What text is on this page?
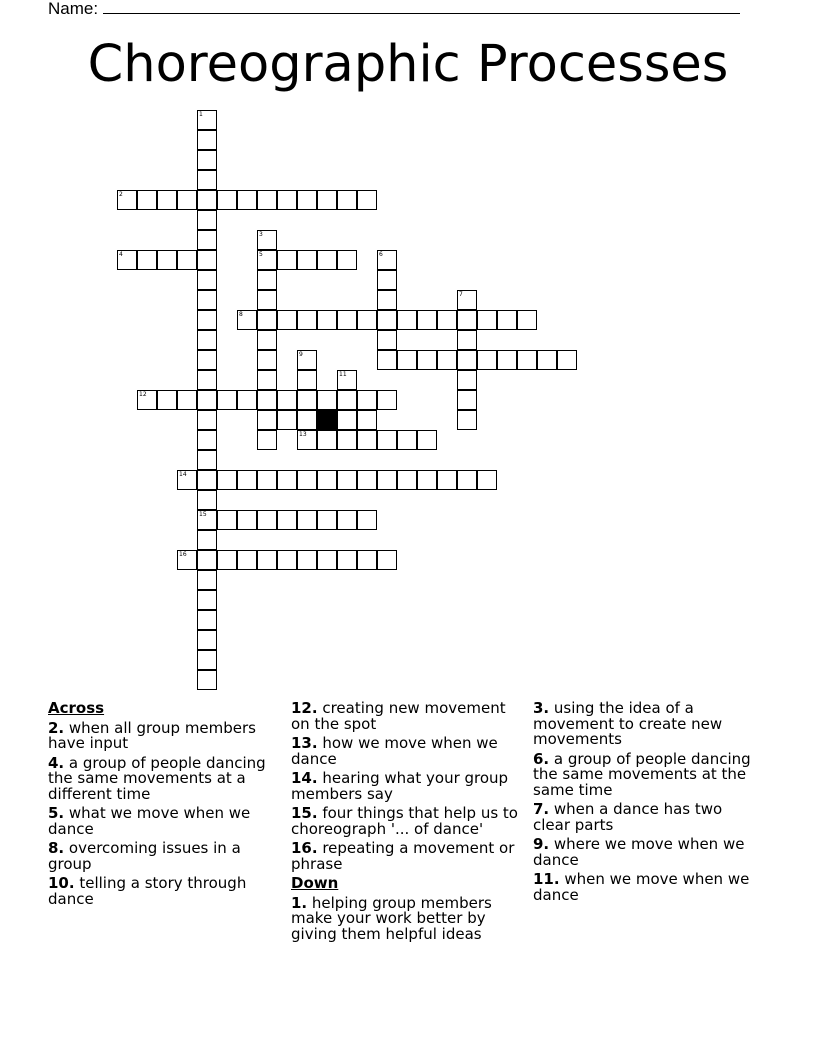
Name:
Choreographic Processes
1
15
2
3
5
4	6
7
8
9
13
11
12
14
16
Across
2. when all group members have input
4. a group of people dancing the same movements at a different time
5. what we move when we dance
8. overcoming issues in a group
10. telling a story through dance
12. creating new movement on the spot
13. how we move when we dance
14. hearing what your group members say
15. four things that help us to choreograph '... of dance'
16. repeating a movement or phrase
Down
1. helping group members make your work better by giving them helpful ideas
3. using the idea of a movement to create new movements
6. a group of people dancing the same movements at the same time
7. when a dance has two clear parts
9. where we move when we dance
11. when we move when we dance
